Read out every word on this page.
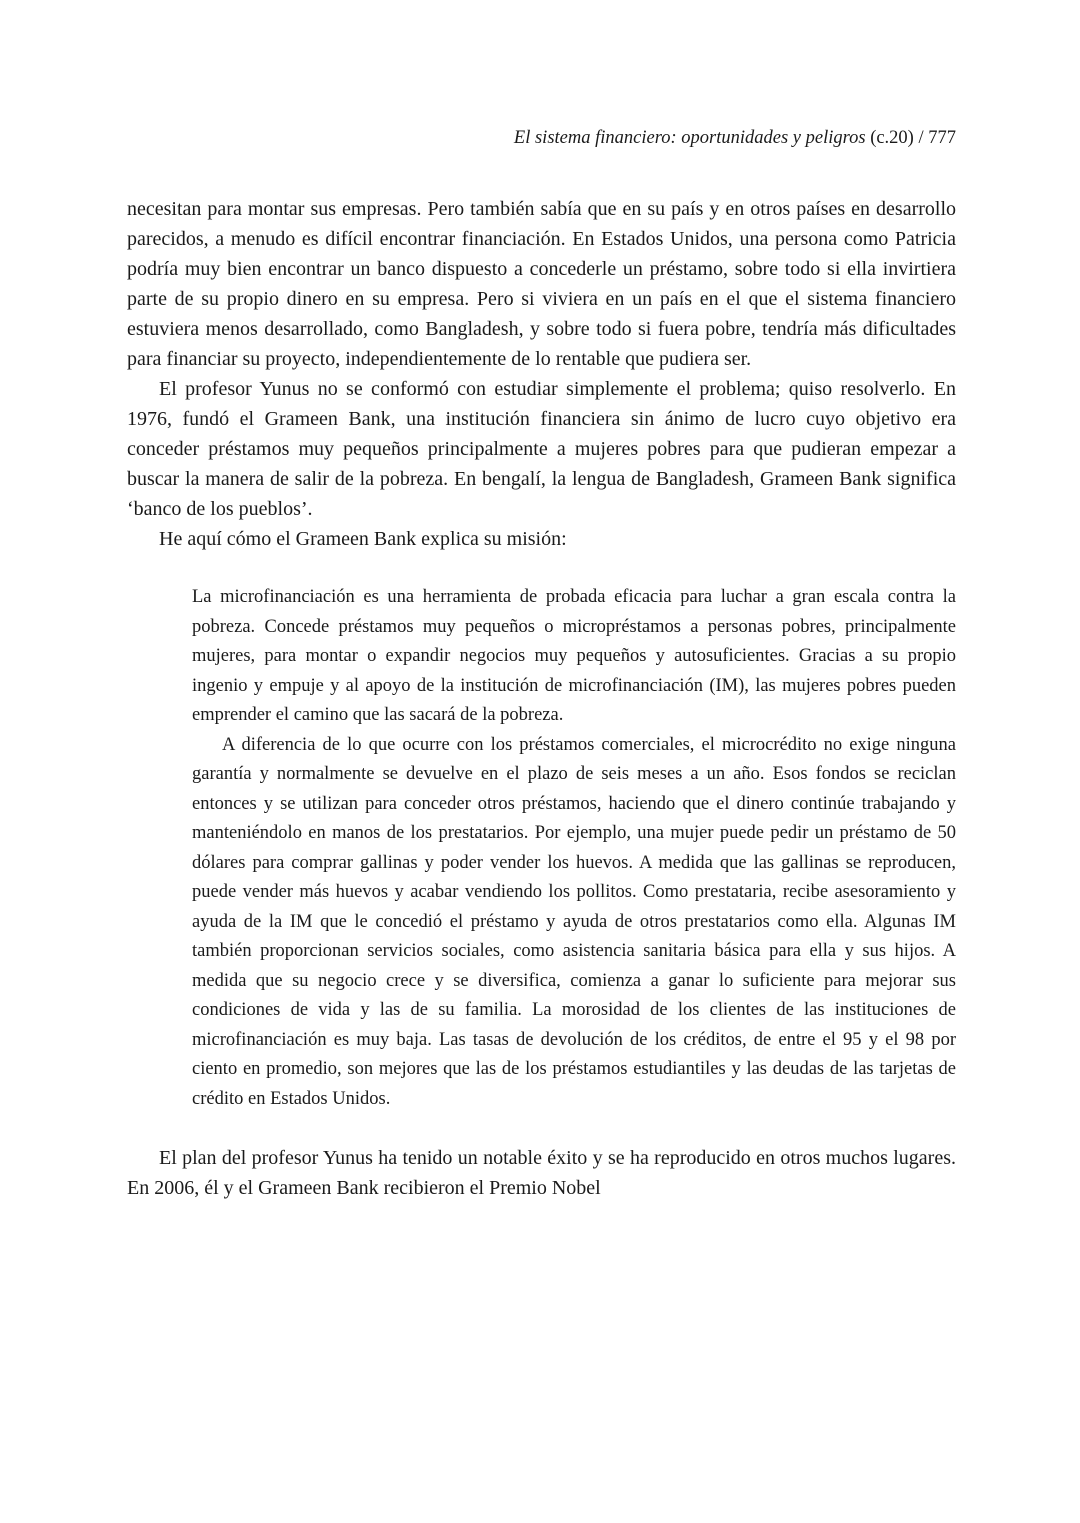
El sistema financiero: oportunidades y peligros (c.20) / 777

necesitan para montar sus empresas. Pero también sabía que en su país y en otros países en desarrollo parecidos, a menudo es difícil encontrar financiación. En Estados Unidos, una persona como Patricia podría muy bien encontrar un banco dispuesto a concederle un préstamo, sobre todo si ella invirtiera parte de su propio dinero en su empresa. Pero si viviera en un país en el que el sistema financiero estuviera menos desarrollado, como Bangladesh, y sobre todo si fuera pobre, tendría más dificultades para financiar su proyecto, independientemente de lo rentable que pudiera ser.

El profesor Yunus no se conformó con estudiar simplemente el problema; quiso resolverlo. En 1976, fundó el Grameen Bank, una institución financiera sin ánimo de lucro cuyo objetivo era conceder préstamos muy pequeños principalmente a mujeres pobres para que pudieran empezar a buscar la manera de salir de la pobreza. En bengalí, la lengua de Bangladesh, Grameen Bank significa ‘banco de los pueblos’.

He aquí cómo el Grameen Bank explica su misión:

La microfinanciación es una herramienta de probada eficacia para luchar a gran escala contra la pobreza. Concede préstamos muy pequeños o micropréstamos a personas pobres, principalmente mujeres, para montar o expandir negocios muy pequeños y autosuficientes. Gracias a su propio ingenio y empuje y al apoyo de la institución de microfinanciación (IM), las mujeres pobres pueden emprender el camino que las sacará de la pobreza.

A diferencia de lo que ocurre con los préstamos comerciales, el microcrédito no exige ninguna garantía y normalmente se devuelve en el plazo de seis meses a un año. Esos fondos se reciclan entonces y se utilizan para conceder otros préstamos, haciendo que el dinero continúe trabajando y manteniéndolo en manos de los prestatarios. Por ejemplo, una mujer puede pedir un préstamo de 50 dólares para comprar gallinas y poder vender los huevos. A medida que las gallinas se reproducen, puede vender más huevos y acabar vendiendo los pollitos. Como prestataria, recibe asesoramiento y ayuda de la IM que le concedió el préstamo y ayuda de otros prestatarios como ella. Algunas IM también proporcionan servicios sociales, como asistencia sanitaria básica para ella y sus hijos. A medida que su negocio crece y se diversifica, comienza a ganar lo suficiente para mejorar sus condiciones de vida y las de su familia. La morosidad de los clientes de las instituciones de microfinanciación es muy baja. Las tasas de devolución de los créditos, de entre el 95 y el 98 por ciento en promedio, son mejores que las de los préstamos estudiantiles y las deudas de las tarjetas de crédito en Estados Unidos.

El plan del profesor Yunus ha tenido un notable éxito y se ha reproducido en otros muchos lugares. En 2006, él y el Grameen Bank recibieron el Premio Nobel
